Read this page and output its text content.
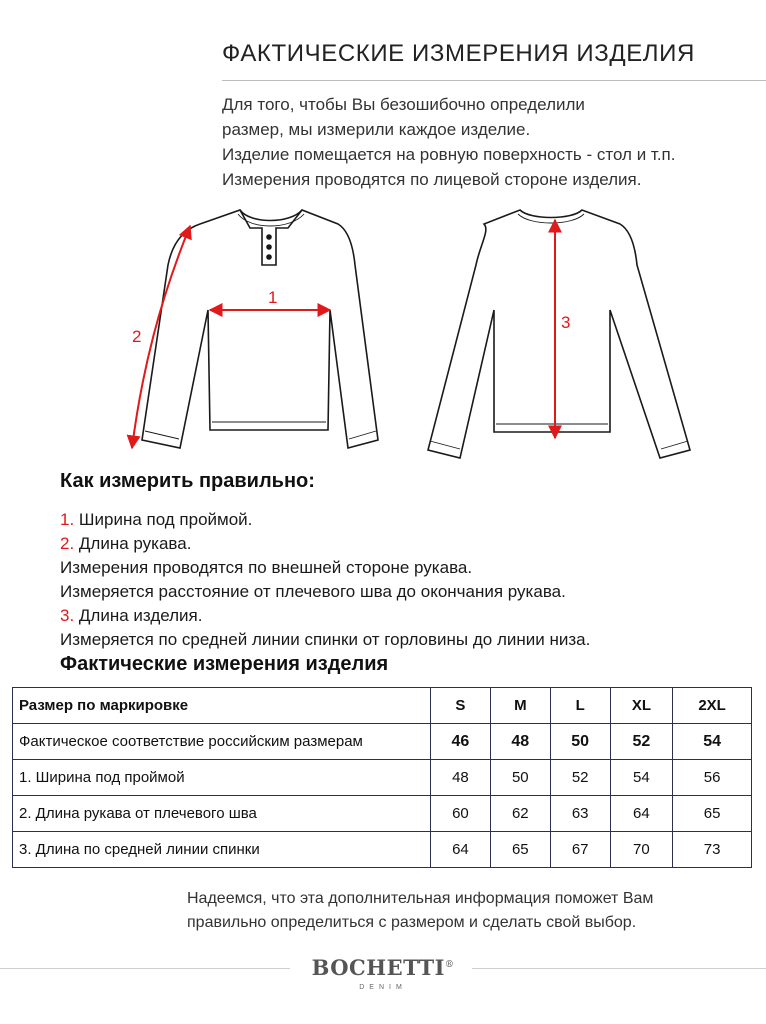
ФАКТИЧЕСКИЕ ИЗМЕРЕНИЯ ИЗДЕЛИЯ
Для того, чтобы Вы безошибочно определили
размер, мы измерили каждое изделие.
Изделие помещается на ровную поверхность - стол и т.п.
Измерения проводятся по лицевой стороне изделия.
1
2
3
Как измерить правильно:
1. Ширина под проймой.
2. Длина рукава.
Измерения проводятся по внешней стороне рукава.
Измеряется расстояние от плечевого шва до окончания рукава.
3. Длина изделия.
Измеряется по средней линии спинки от горловины до линии низа.
Фактические измерения изделия
Размер по маркировке	S	M	L	XL	2XL
Фактическое соответствие российским размерам	46	48	50	52	54
1. Ширина под проймой	48	50	52	54	56
2. Длина рукава от плечевого шва	60	62	63	64	65
3. Длина по средней линии спинки	64	65	67	70	73
Надеемся, что эта дополнительная информация поможет Вам
правильно определиться с размером и сделать свой выбор.
BOCHETTI®
DENIM
